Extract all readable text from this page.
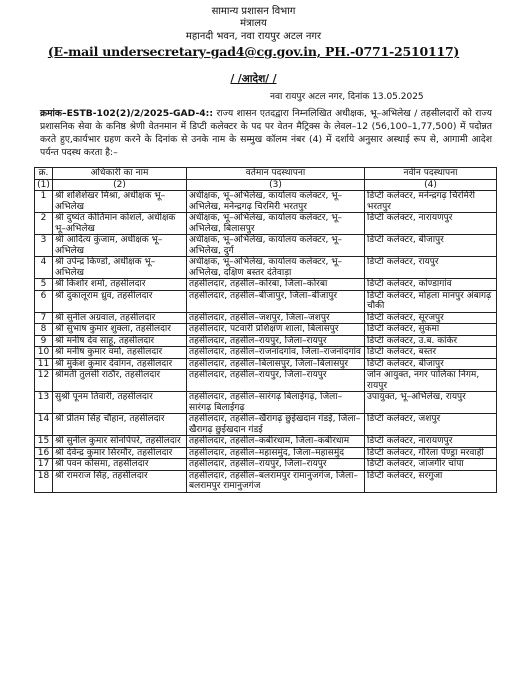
सामान्य प्रशासन विभाग
मंत्रालय
महानदी भवन, नवा रायपुर अटल नगर
(E-mail undersecretary-gad4@cg.gov.in, PH.-0771-2510117)
/ /आदेश/ /
नवा रायपुर अटल नगर, दिनांक 13.05.2025
क्रमांक–ESTB-102(2)/2/2025-GAD-4:: राज्य शासन एतदद्वारा निम्नलिखित अधीक्षक, भू–अभिलेख / तहसीलदारों को राज्य प्रशासनिक सेवा के कनिष्ठ श्रेणी वेतनमान में डिप्टी कलेक्टर के पद पर वेतन मैट्रिक्स के लेवल–12 (56,100–1,77,500) में पदोन्नत करते हुए,कार्यभार ग्रहण करने के दिनांक से उनके नाम के सम्मुख कॉलम नंबर (4) में दर्शाये अनुसार अस्थाई रूप से, आगामी आदेश पर्यन्त पदस्थ करता है:–
क्र.	अधिकारी का नाम	वर्तमान पदस्थापना	नवीन पदस्थापना
(1)	(2)	(3)	(4)
1	श्री शशिशेखर मिश्रा, अधीक्षक भू–अभिलेख	अधीक्षक, भू–अभिलेख, कार्यालय कलेक्टर, भू–अभिलेख, मनेन्द्रगढ़ चिरमिरी भरतपुर	डिप्टी कलेक्टर, मनेन्द्रगढ़ चिरमिरी भरतपुर
2	श्री दुष्यंत कीर्तिमान कोशले, अधीक्षक भू–अभिलेख	अधीक्षक, भू–अभिलेख, कार्यालय कलेक्टर, भू–अभिलेख, बिलासपुर	डिप्टी कलेक्टर, नारायणपुर
3	श्री आदित्य कुंजाम, अधीक्षक भू–अभिलेख	अधीक्षक, भू–अभिलेख, कार्यालय कलेक्टर, भू–अभिलेख, दुर्ग	डिप्टी कलेक्टर, बीजापुर
4	श्री उपेन्द्र किण्डो, अधीक्षक भू–अभिलेख	अधीक्षक, भू–अभिलेख, कार्यालय कलेक्टर, भू–अभिलेख, दक्षिण बस्तर दंतेवाड़ा	डिप्टी कलेक्टर, रायपुर
5	श्री किशोर शर्मा, तहसीलदार	तहसीलदार, तहसील–कोरबा, जिला–कोरबा	डिप्टी कलेक्टर, कोण्डागांव
6	श्री दुकालूराम ध्रुव, तहसीलदार	तहसीलदार, तहसील–बीजापुर, जिला–बीजापुर	डिप्टी कलेक्टर, मोहला मानपुर अंबागढ़ चौकी
7	श्री सुनील अग्रवाल, तहसीलदार	तहसीलदार, तहसील–जशपुर, जिला–जशपुर	डिप्टी कलेक्टर, सूरजपुर
8	श्री सुभाष कुमार शुक्ला, तहसीलदार	तहसीलदार, पटवारी प्रशिक्षण शाला, बिलासपुर	डिप्टी कलेक्टर, सुकमा
9	श्री मनीष देव साहू, तहसीलदार	तहसीलदार, तहसील–रायपुर, जिला–रायपुर	डिप्टी कलेक्टर, उ.ब. कांकेर
10	श्री मनीष कुमार वर्मा, तहसीलदार	तहसीलदार, तहसील–राजनांदगांव, जिला–राजनांदगांव	डिप्टी कलेक्टर, बस्तर
11	श्री मुकेश कुमार देवांगन, तहसीलदार	तहसीलदार, तहसील–बिलासपुर, जिला–बिलासपुर	डिप्टी कलेक्टर, बीजापुर
12	श्रीमती तुलसी राठौर, तहसीलदार	तहसीलदार, तहसील–रायपुर, जिला–रायपुर	जोन आयुक्त, नगर पालिका निगम, रायपुर
13	सुश्री पूनम तिवारी, तहसीलदार	तहसीलदार, तहसील–सारंगढ़ बिलाईगढ़, जिला–सारंगढ़ बिलाईगढ़	उपायुक्त, भू–अभिलेख, रायपुर
14	श्री प्रीतम सिंह चौहान, तहसीलदार	तहसीलदार, तहसील–खैरागढ़ छुईखदान गंडई, जिला–खैरागढ़ छुईखदान गंडई	डिप्टी कलेक्टर, जशपुर
15	श्री सुनील कुमार सोनपिपरे, तहसीलदार	तहसीलदार, तहसील–कबीरधाम, जिला–कबीरधाम	डिप्टी कलेक्टर, नारायणपुर
16	श्री देवेन्द्र कुमार सिरमौर, तहसीलदार	तहसीलदार, तहसील–महासमुंद, जिला–महासमुंद	डिप्टी कलेक्टर, गौरेला पेण्ड्रा मरवाही
17	श्री पवन कोसमा, तहसीलदार	तहसीलदार, तहसील–रायपुर, जिला–रायपुर	डिप्टी कलेक्टर, जांजगीर चांपा
18	श्री रामराज सिंह, तहसीलदार	तहसीलदार, तहसील–बलरामपुर रामानुजगंज, जिला–बलरामपुर रामानुजगंज	डिप्टी कलेक्टर, सरगुजा
